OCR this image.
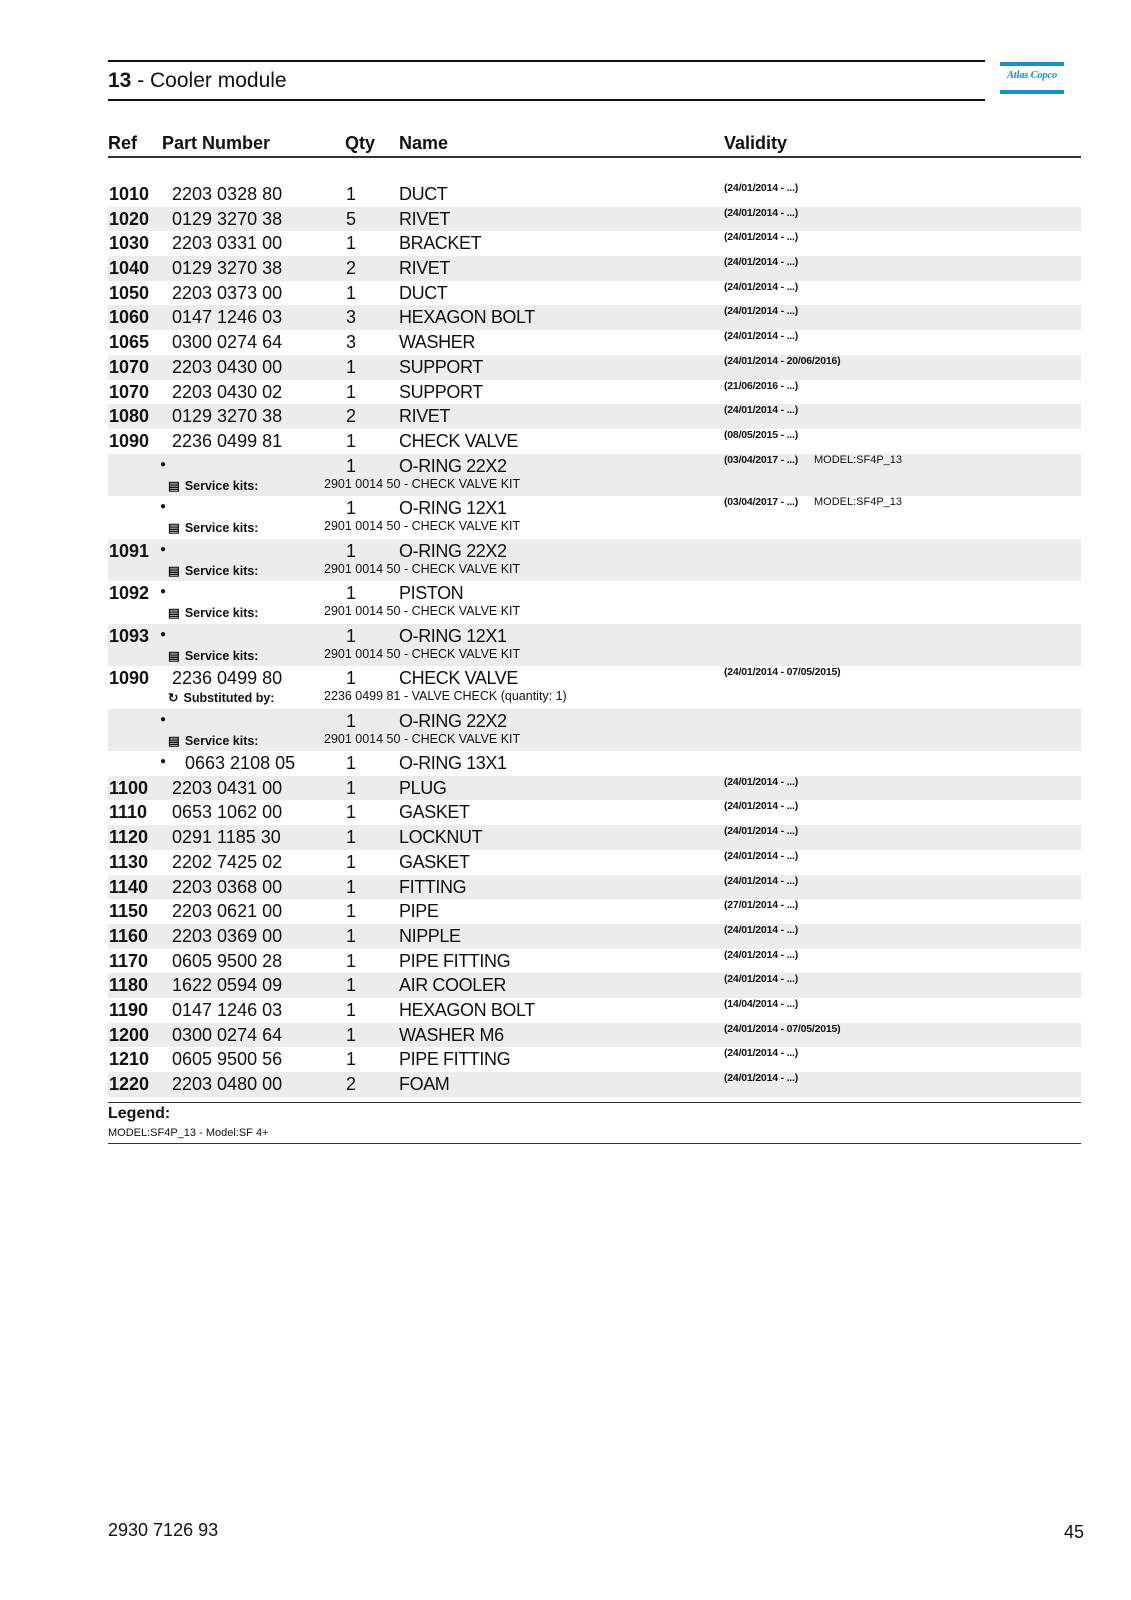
13 - Cooler module	Atlas Copco
Ref Part Number	Qty Name	Validity
1010 2203 0328 80	1 DUCT	(24/01/2014 - ...)
1020 0129 3270 38	5 RIVET	(24/01/2014 - ...)
1030 2203 0331 00	1 BRACKET	(24/01/2014 - ...)
1040 0129 3270 38	2 RIVET	(24/01/2014 - ...)
1050 2203 0373 00	1 DUCT	(24/01/2014 - ...)
1060 0147 1246 03	3 HEXAGON BOLT	(24/01/2014 - ...)
1065 0300 0274 64	3 WASHER	(24/01/2014 - ...)
1070 2203 0430 00	1 SUPPORT	(24/01/2014 - 20/06/2016)
1070 2203 0430 02	1 SUPPORT	(21/06/2016 - ...)
1080 0129 3270 38	2 RIVET	(24/01/2014 - ...)
1090 2236 0499 81	1 CHECK VALVE	(08/05/2015 - ...)
●	1 O-RING 22X2	(03/04/2017 - ...) MODEL:SF4P_13
▤ Service kits:	2901 0014 50 - CHECK VALVE KIT
●	1 O-RING 12X1	(03/04/2017 - ...) MODEL:SF4P_13
▤ Service kits:	2901 0014 50 - CHECK VALVE KIT
1091 ●	1 O-RING 22X2
▤ Service kits:	2901 0014 50 - CHECK VALVE KIT
1092 ●	1 PISTON
▤ Service kits:	2901 0014 50 - CHECK VALVE KIT
1093 ●	1 O-RING 12X1
▤ Service kits:	2901 0014 50 - CHECK VALVE KIT
1090 2236 0499 80	1 CHECK VALVE	(24/01/2014 - 07/05/2015)
↻ Substituted by:	2236 0499 81 - VALVE CHECK (quantity: 1)
●	1 O-RING 22X2
▤ Service kits:	2901 0014 50 - CHECK VALVE KIT
● 0663 2108 05	1 O-RING 13X1
1100 2203 0431 00	1 PLUG	(24/01/2014 - ...)
1110 0653 1062 00	1 GASKET	(24/01/2014 - ...)
1120 0291 1185 30	1 LOCKNUT	(24/01/2014 - ...)
1130 2202 7425 02	1 GASKET	(24/01/2014 - ...)
1140 2203 0368 00	1 FITTING	(24/01/2014 - ...)
1150 2203 0621 00	1 PIPE	(27/01/2014 - ...)
1160 2203 0369 00	1 NIPPLE	(24/01/2014 - ...)
1170 0605 9500 28	1 PIPE FITTING	(24/01/2014 - ...)
1180 1622 0594 09	1 AIR COOLER	(24/01/2014 - ...)
1190 0147 1246 03	1 HEXAGON BOLT	(14/04/2014 - ...)
1200 0300 0274 64	1 WASHER M6	(24/01/2014 - 07/05/2015)
1210 0605 9500 56	1 PIPE FITTING	(24/01/2014 - ...)
1220 2203 0480 00	2 FOAM	(24/01/2014 - ...)
Legend:
MODEL:SF4P_13 - Model:SF 4+
2930 7126 93	45
